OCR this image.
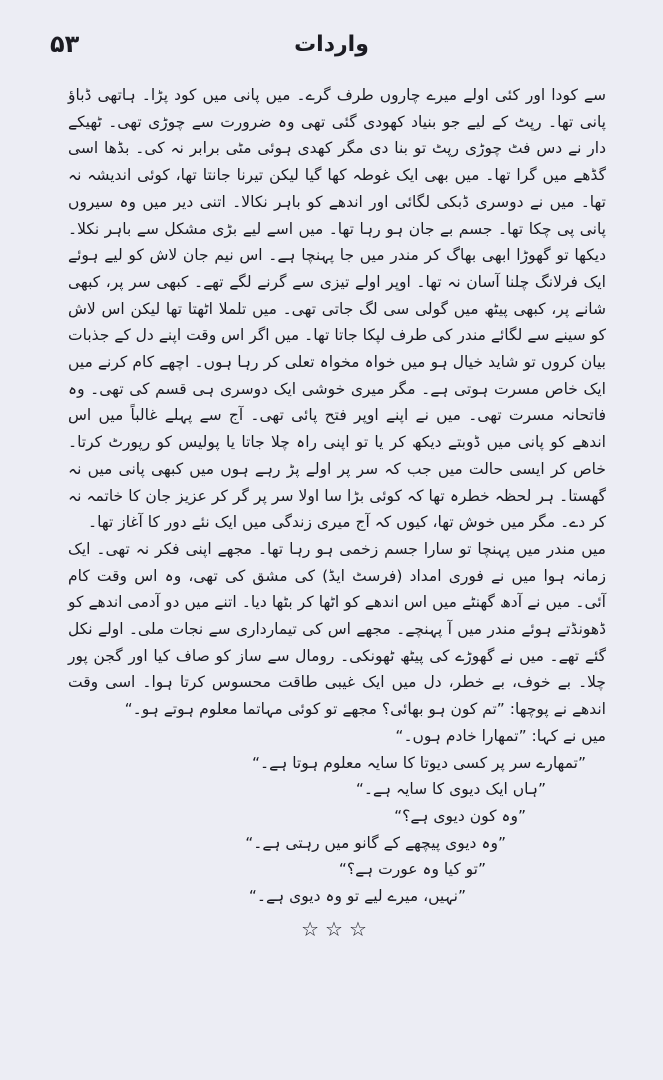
۵۳	واردات

سے کودا اور کئی اولے میرے چاروں طرف گرے۔ میں پانی میں کود پڑا۔ ہاتھی ڈباؤ پانی تھا۔ رپٹ کے لیے جو بنیاد کھودی گئی تھی وہ ضرورت سے چوڑی تھی۔ ٹھیکے دار نے دس فٹ چوڑی رپٹ تو بنا دی مگر کھدی ہوئی مٹی برابر نہ کی۔ بڈھا اسی گڈھے میں گرا تھا۔ میں بھی ایک غوطہ کھا گیا لیکن تیرنا جانتا تھا، کوئی اندیشہ نہ تھا۔ میں نے دوسری ڈبکی لگائی اور اندھے کو باہر نکالا۔ اتنی دیر میں وہ سیروں پانی پی چکا تھا۔ جسم بے جان ہو رہا تھا۔ میں اسے لیے بڑی مشکل سے باہر نکلا۔ دیکھا تو گھوڑا ابھی بھاگ کر مندر میں جا پہنچا ہے۔ اس نیم جان لاش کو لیے ہوئے ایک فرلانگ چلنا آسان نہ تھا۔ اوپر اولے تیزی سے گرنے لگے تھے۔ کبھی سر پر، کبھی شانے پر، کبھی پیٹھ میں گولی سی لگ جاتی تھی۔ میں تلملا اٹھتا تھا لیکن اس لاش کو سینے سے لگائے مندر کی طرف لپکا جاتا تھا۔ میں اگر اس وقت اپنے دل کے جذبات بیان کروں تو شاید خیال ہو میں خواہ مخواہ تعلی کر رہا ہوں۔ اچھے کام کرنے میں ایک خاص مسرت ہوتی ہے۔ مگر میری خوشی ایک دوسری ہی قسم کی تھی۔ وہ فاتحانہ مسرت تھی۔ میں نے اپنے اوپر فتح پائی تھی۔ آج سے پہلے غالباً میں اس اندھے کو پانی میں ڈوبتے دیکھ کر یا تو اپنی راہ چلا جاتا یا پولیس کو رپورٹ کرتا۔ خاص کر ایسی حالت میں جب کہ سر پر اولے پڑ رہے ہوں میں کبھی پانی میں نہ گھستا۔ ہر لحظہ خطرہ تھا کہ کوئی بڑا سا اولا سر پر گر کر عزیز جان کا خاتمہ نہ کر دے۔ مگر میں خوش تھا، کیوں کہ آج میری زندگی میں ایک نئے دور کا آغاز تھا۔

میں مندر میں پہنچا تو سارا جسم زخمی ہو رہا تھا۔ مجھے اپنی فکر نہ تھی۔ ایک زمانہ ہوا میں نے فوری امداد (فرسٹ ایڈ) کی مشق کی تھی، وہ اس وقت کام آئی۔ میں نے آدھ گھنٹے میں اس اندھے کو اٹھا کر بٹھا دیا۔ اتنے میں دو آدمی اندھے کو ڈھونڈتے ہوئے مندر میں آ پہنچے۔ مجھے اس کی تیمارداری سے نجات ملی۔ اولے نکل گئے تھے۔ میں نے گھوڑے کی پیٹھ ٹھونکی۔ رومال سے ساز کو صاف کیا اور گجن پور چلا۔ بے خوف، بے خطر، دل میں ایک غیبی طاقت محسوس کرتا ہوا۔ اسی وقت اندھے نے پوچھا: ”تم کون ہو بھائی؟ مجھے تو کوئی مہاتما معلوم ہوتے ہو۔“

میں نے کہا: ”تمھارا خادم ہوں۔“

”تمھارے سر پر کسی دیوتا کا سایہ معلوم ہوتا ہے۔“

”ہاں ایک دیوی کا سایہ ہے۔“

”وہ کون دیوی ہے؟“

”وہ دیوی پیچھے کے گانو میں رہتی ہے۔“

”تو کیا وہ عورت ہے؟“

”نہیں، میرے لیے تو وہ دیوی ہے۔“

☆☆☆
